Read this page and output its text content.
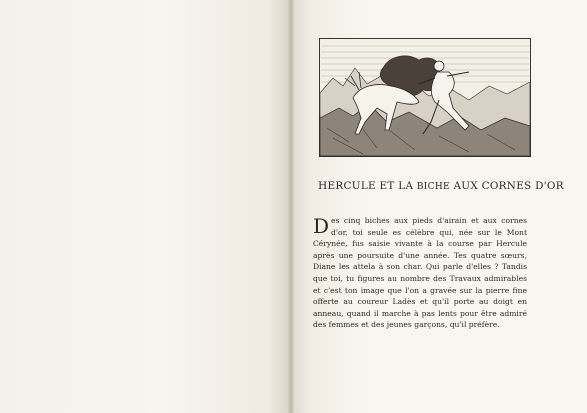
HERCULE ET LA BICHE AUX CORNES D'OR
D es cinq biches aux pieds d'airain et aux cornes
d'or, toi seule es célèbre qui, née sur le Mont
Cérynée, fus saisie vivante à la course par Hercule
après une poursuite d'une année. Tes quatre sœurs,
Diane les attela à son char. Qui parle d'elles ? Tandis
que toi, tu figures au nombre des Travaux admirables
et c'est ton image que l'on a gravée sur la pierre fine
offerte au coureur Ladès et qu'il porte au doigt en
anneau, quand il marche à pas lents pour être admiré
des femmes et des jeunes garçons, qu'il préfère.
